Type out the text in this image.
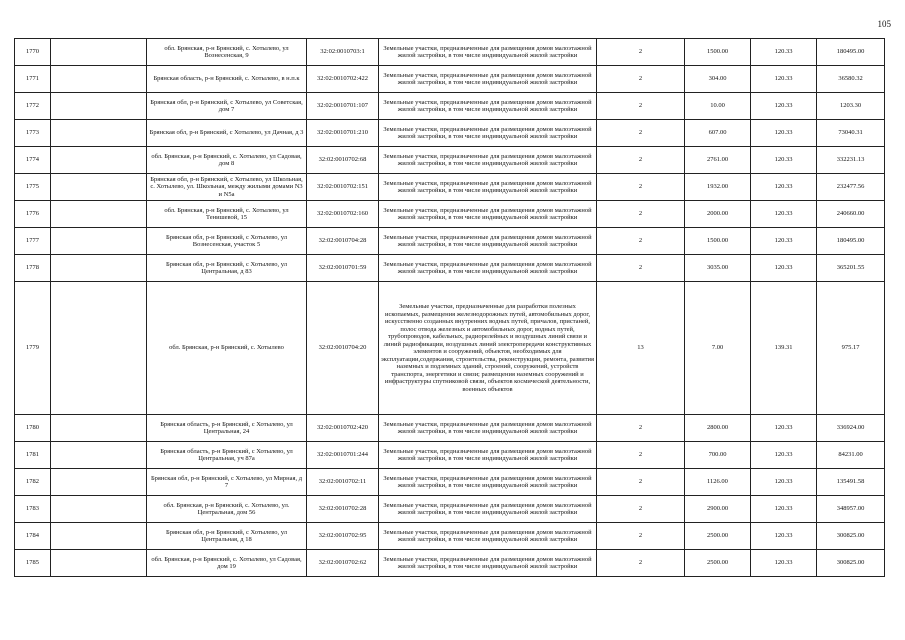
105
1770		обл. Брянская, р-н Брянский, с. Хотылево, ул Вознесенская, 9	32:02:0010703:1	Земельные участки, предназначенные для размещения домов малоэтажной жилой застройки, в том числе индивидуальной жилой застройки	2	1500.00	120.33	180495.00
1771		Брянская область, р-н Брянский, с. Хотылево, в н.п.к	32:02:0010702:422	Земельные участки, предназначенные для размещения домов малоэтажной жилой застройки, в том числе индивидуальной жилой застройки	2	304.00	120.33	36580.32
1772		Брянская обл, р-н Брянский, с Хотылево, ул Советская, дом 7	32:02:0010701:107	Земельные участки, предназначенные для размещения домов малоэтажной жилой застройки, в том числе индивидуальной жилой застройки	2	10.00	120.33	1203.30
1773		Брянская обл, р-н Брянский, с Хотылево, ул Дачная, д 3	32:02:0010701:210	Земельные участки, предназначенные для размещения домов малоэтажной жилой застройки, в том числе индивидуальной жилой застройки	2	607.00	120.33	73040.31
1774		обл. Брянская, р-н Брянский, с. Хотылево, ул Садовая, дом 8	32:02:0010702:68	Земельные участки, предназначенные для размещения домов малоэтажной жилой застройки, в том числе индивидуальной жилой застройки	2	2761.00	120.33	332231.13
1775		Брянская обл, р-н Брянский, с Хотылево, ул Школьная, с. Хотылево, ул. Школьная, между жилыми домами N3 и N5а	32:02:0010702:151	Земельные участки, предназначенные для размещения домов малоэтажной жилой застройки, в том числе индивидуальной жилой застройки	2	1932.00	120.33	232477.56
1776		обл. Брянская, р-н Брянский, с. Хотылево, ул Тенишевой, 15	32:02:0010702:160	Земельные участки, предназначенные для размещения домов малоэтажной жилой застройки, в том числе индивидуальной жилой застройки	2	2000.00	120.33	240660.00
1777		Брянская обл, р-н Брянский, с Хотылево, ул Вознесенская, участок 5	32:02:0010704:28	Земельные участки, предназначенные для размещения домов малоэтажной жилой застройки, в том числе индивидуальной жилой застройки	2	1500.00	120.33	180495.00
1778		Брянская обл, р-н Брянский, с Хотылево, ул Центральная, д 83	32:02:0010701:59	Земельные участки, предназначенные для размещения домов малоэтажной жилой застройки, в том числе индивидуальной жилой застройки	2	3035.00	120.33	365201.55
1779		обл. Брянская, р-н Брянский, с. Хотылево	32:02:0010704:20	Земельные участки, предназначенные для разработки полезных ископаемых, размещения железнодорожных путей, автомобильных дорог, искусственно созданных внутренних водных путей, причалов, пристаней, полос отвода железных и автомобильных дорог, водных путей, трубопроводов, кабельных, радиорелейных и воздушных линий связи и линий радиофикации, воздушных линий электропередачи конструктивных элементов и сооружений, объектов, необходимых для эксплуатации,содержания, строительства, реконструкции, ремонта, развития наземных и подземных зданий, строений, сооружений, устройств транспорта, энергетики и связи; размещения наземных сооружений и инфраструктуры спутниковой связи, объектов космической деятельности, военных объектов	13	7.00	139.31	975.17
1780		Брянская область, р-н Брянский, с Хотылево, ул Центральная, 24	32:02:0010702:420	Земельные участки, предназначенные для размещения домов малоэтажной жилой застройки, в том числе индивидуальной жилой застройки	2	2800.00	120.33	336924.00
1781		Брянская область, р-н Брянский, с Хотылево, ул Центральная, уч 87а	32:02:0010701:244	Земельные участки, предназначенные для размещения домов малоэтажной жилой застройки, в том числе индивидуальной жилой застройки	2	700.00	120.33	84231.00
1782		Брянская обл, р-н Брянский, с Хотылево, ул Мирная, д 7	32:02:0010702:11	Земельные участки, предназначенные для размещения домов малоэтажной жилой застройки, в том числе индивидуальной жилой застройки	2	1126.00	120.33	135491.58
1783		обл. Брянская, р-н Брянский, с. Хотылево, ул. Центральная, дом 56	32:02:0010702:28	Земельные участки, предназначенные для размещения домов малоэтажной жилой застройки, в том числе индивидуальной жилой застройки	2	2900.00	120.33	348957.00
1784		Брянская обл, р-н Брянский, с Хотылево, ул Центральная, д 18	32:02:0010702:95	Земельные участки, предназначенные для размещения домов малоэтажной жилой застройки, в том числе индивидуальной жилой застройки	2	2500.00	120.33	300825.00
1785		обл. Брянская, р-н Брянский, с. Хотылево, ул Садовая, дом 19	32:02:0010702:62	Земельные участки, предназначенные для размещения домов малоэтажной жилой застройки, в том числе индивидуальной жилой застройки	2	2500.00	120.33	300825.00
